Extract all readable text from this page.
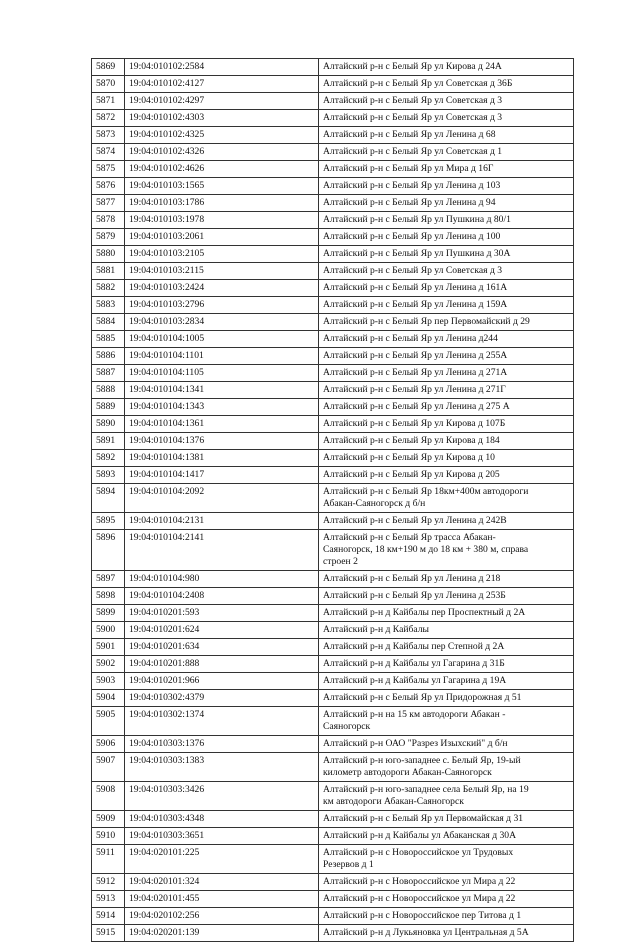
5869	19:04:010102:2584	Алтайский р-н с Белый Яр ул Кирова д 24А
5870	19:04:010102:4127	Алтайский р-н с Белый Яр ул Советская д 36Б
5871	19:04:010102:4297	Алтайский р-н с Белый Яр ул Советская д 3
5872	19:04:010102:4303	Алтайский р-н с Белый Яр ул Советская д 3
5873	19:04:010102:4325	Алтайский р-н с Белый Яр ул Ленина д 68
5874	19:04:010102:4326	Алтайский р-н с Белый Яр ул Советская д 1
5875	19:04:010102:4626	Алтайский р-н с Белый Яр ул Мира д 16Г
5876	19:04:010103:1565	Алтайский р-н с Белый Яр ул Ленина д 103
5877	19:04:010103:1786	Алтайский р-н с Белый Яр ул Ленина д 94
5878	19:04:010103:1978	Алтайский р-н с Белый Яр ул Пушкина д 80/1
5879	19:04:010103:2061	Алтайский р-н с Белый Яр ул Ленина д 100
5880	19:04:010103:2105	Алтайский р-н с Белый Яр ул Пушкина д 30А
5881	19:04:010103:2115	Алтайский р-н с Белый Яр ул Советская д 3
5882	19:04:010103:2424	Алтайский р-н с Белый Яр ул Ленина д 161А
5883	19:04:010103:2796	Алтайский р-н с Белый Яр ул Ленина д 159А
5884	19:04:010103:2834	Алтайский р-н с Белый Яр пер Первомайский д 29
5885	19:04:010104:1005	Алтайский р-н с Белый Яр ул Ленина д244
5886	19:04:010104:1101	Алтайский р-н с Белый Яр ул Ленина д 255А
5887	19:04:010104:1105	Алтайский р-н с Белый Яр ул Ленина д 271А
5888	19:04:010104:1341	Алтайский р-н с Белый Яр ул Ленина д 271Г
5889	19:04:010104:1343	Алтайский р-н с Белый Яр ул Ленина д 275 А
5890	19:04:010104:1361	Алтайский р-н с Белый Яр ул Кирова д 107Б
5891	19:04:010104:1376	Алтайский р-н с Белый Яр ул Кирова д 184
5892	19:04:010104:1381	Алтайский р-н с Белый Яр ул Кирова д 10
5893	19:04:010104:1417	Алтайский р-н с Белый Яр ул Кирова д 205
5894	19:04:010104:2092	Алтайский р-н с Белый Яр 18км+400м автодороги
Абакан-Саяногорск д б/н
5895	19:04:010104:2131	Алтайский р-н с Белый Яр ул Ленина д 242В
5896	19:04:010104:2141	Алтайский р-н с Белый Яр трасса Абакан-
Саяногорск, 18 км+190 м до 18 км + 380 м, справа
строен 2
5897	19:04:010104:980	Алтайский р-н с Белый Яр ул Ленина д 218
5898	19:04:010104:2408	Алтайский р-н с Белый Яр ул Ленина д 253Б
5899	19:04:010201:593	Алтайский р-н д Кайбалы пер Проспектный д 2А
5900	19:04:010201:624	Алтайский р-н д Кайбалы
5901	19:04:010201:634	Алтайский р-н д Кайбалы пер Степной д 2А
5902	19:04:010201:888	Алтайский р-н д Кайбалы ул Гагарина д 31Б
5903	19:04:010201:966	Алтайский р-н д Кайбалы ул Гагарина д 19А
5904	19:04:010302:4379	Алтайский р-н с Белый Яр ул Придорожная д 51
5905	19:04:010302:1374	Алтайский р-н на 15 км автодороги Абакан -
Саяногорск
5906	19:04:010303:1376	Алтайский р-н ОАО "Разрез Изыхский" д б/н
5907	19:04:010303:1383	Алтайский р-н юго-западнее с. Белый Яр, 19-ый
километр автодороги Абакан-Саяногорск
5908	19:04:010303:3426	Алтайский р-н юго-западнее села Белый Яр, на 19
км автодороги Абакан-Саяногорск
5909	19:04:010303:4348	Алтайский р-н с Белый Яр ул Первомайская д 31
5910	19:04:010303:3651	Алтайский р-н д Кайбалы ул Абаканская д 30А
5911	19:04:020101:225	Алтайский р-н с Новороссийское ул Трудовых
Резервов д 1
5912	19:04:020101:324	Алтайский р-н с Новороссийское ул Мира д 22
5913	19:04:020101:455	Алтайский р-н с Новороссийское ул Мира д 22
5914	19:04:020102:256	Алтайский р-н с Новороссийское пер Титова д 1
5915	19:04:020201:139	Алтайский р-н д Лукьяновка ул Центральная д 5А
